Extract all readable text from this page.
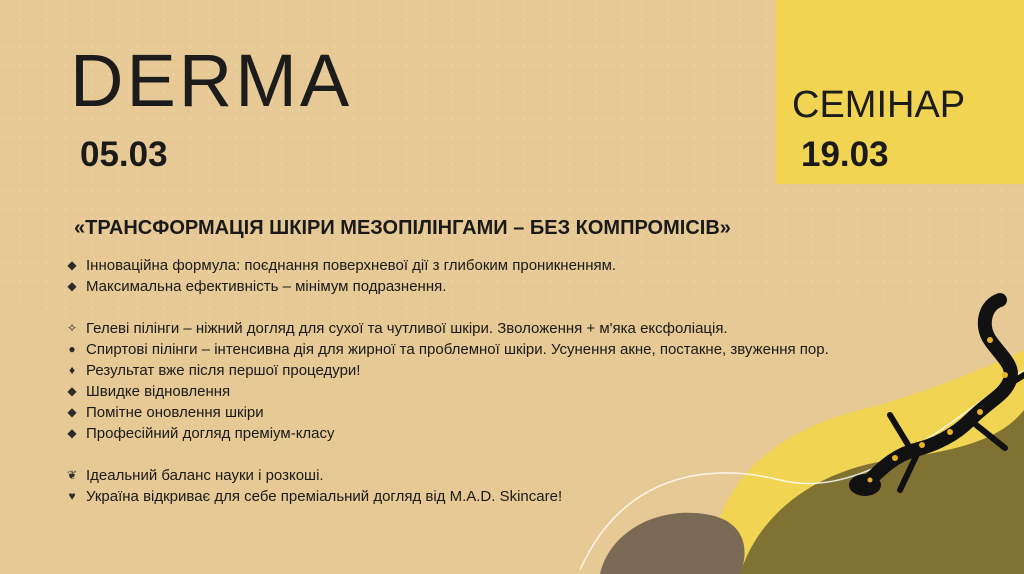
DERMA
05.03
СЕМІНАР
19.03
«ТРАНСФОРМАЦІЯ ШКІРИ МЕЗОПІЛІНГАМИ – БЕЗ КОМПРОМІСІВ»
◆ Інноваційна формула: поєднання поверхневої дії з глибоким проникненням.
◆ Максимальна ефективність – мінімум подразнення.
✧ Гелеві пілінги – ніжний догляд для сухої та чутливої шкіри. Зволоження + м'яка ексфоліація.
● Спиртові пілінги – інтенсивна дія для жирної та проблемної шкіри. Усунення акне, постакне, звуження пор.
♦ Результат вже після першої процедури!
◆ Швидке відновлення
◆ Помітне оновлення шкіри
◆ Професійний догляд преміум-класу
❦ Ідеальний баланс науки і розкоші.
♥ Україна відкриває для себе преміальний догляд від M.A.D. Skincare!
